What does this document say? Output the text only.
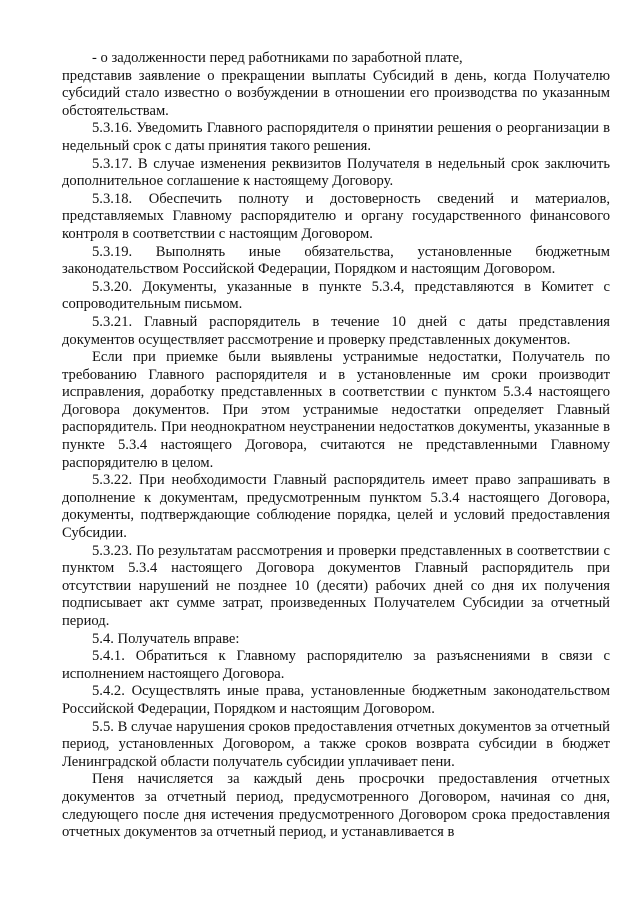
- о задолженности перед работниками по заработной плате,

представив заявление о прекращении выплаты Субсидий в день, когда Получателю субсидий стало известно о возбуждении в отношении его производства по указанным обстоятельствам.

5.3.16. Уведомить Главного распорядителя о принятии решения о реорганизации в недельный срок с даты принятия такого решения.

5.3.17. В случае изменения реквизитов Получателя в недельный срок заключить дополнительное соглашение к настоящему Договору.

5.3.18. Обеспечить полноту и достоверность сведений и материалов, представляемых Главному распорядителю и органу государственного финансового контроля в соответствии с настоящим Договором.

5.3.19. Выполнять иные обязательства, установленные бюджетным законодательством Российской Федерации, Порядком и настоящим Договором.

5.3.20. Документы, указанные в пункте 5.3.4, представляются в Комитет с сопроводительным письмом.

5.3.21. Главный распорядитель в течение 10 дней с даты представления документов осуществляет рассмотрение и проверку представленных документов.

Если при приемке были выявлены устранимые недостатки, Получатель по требованию Главного распорядителя и в установленные им сроки производит исправления, доработку представленных в соответствии с пунктом 5.3.4 настоящего Договора документов. При этом устранимые недостатки определяет Главный распорядитель. При неоднократном неустранении недостатков документы, указанные в пункте 5.3.4 настоящего Договора, считаются не представленными Главному распорядителю в целом.

5.3.22. При необходимости Главный распорядитель имеет право запрашивать в дополнение к документам, предусмотренным пунктом 5.3.4 настоящего Договора, документы, подтверждающие соблюдение порядка, целей и условий предоставления Субсидии.

5.3.23. По результатам рассмотрения и проверки представленных в соответствии с пунктом 5.3.4 настоящего Договора документов Главный распорядитель при отсутствии нарушений не позднее 10 (десяти) рабочих дней со дня их получения подписывает акт сумме затрат, произведенных Получателем Субсидии за отчетный период.

5.4. Получатель вправе:

5.4.1. Обратиться к Главному распорядителю за разъяснениями в связи с исполнением настоящего Договора.

5.4.2. Осуществлять иные права, установленные бюджетным законодательством Российской Федерации, Порядком и настоящим Договором.

5.5. В случае нарушения сроков предоставления отчетных документов за отчетный период, установленных Договором, а также сроков возврата субсидии в бюджет Ленинградской области получатель субсидии уплачивает пени.

Пеня начисляется за каждый день просрочки предоставления отчетных документов за отчетный период, предусмотренного Договором, начиная со дня, следующего после дня истечения предусмотренного Договором срока предоставления отчетных документов за отчетный период, и устанавливается в
